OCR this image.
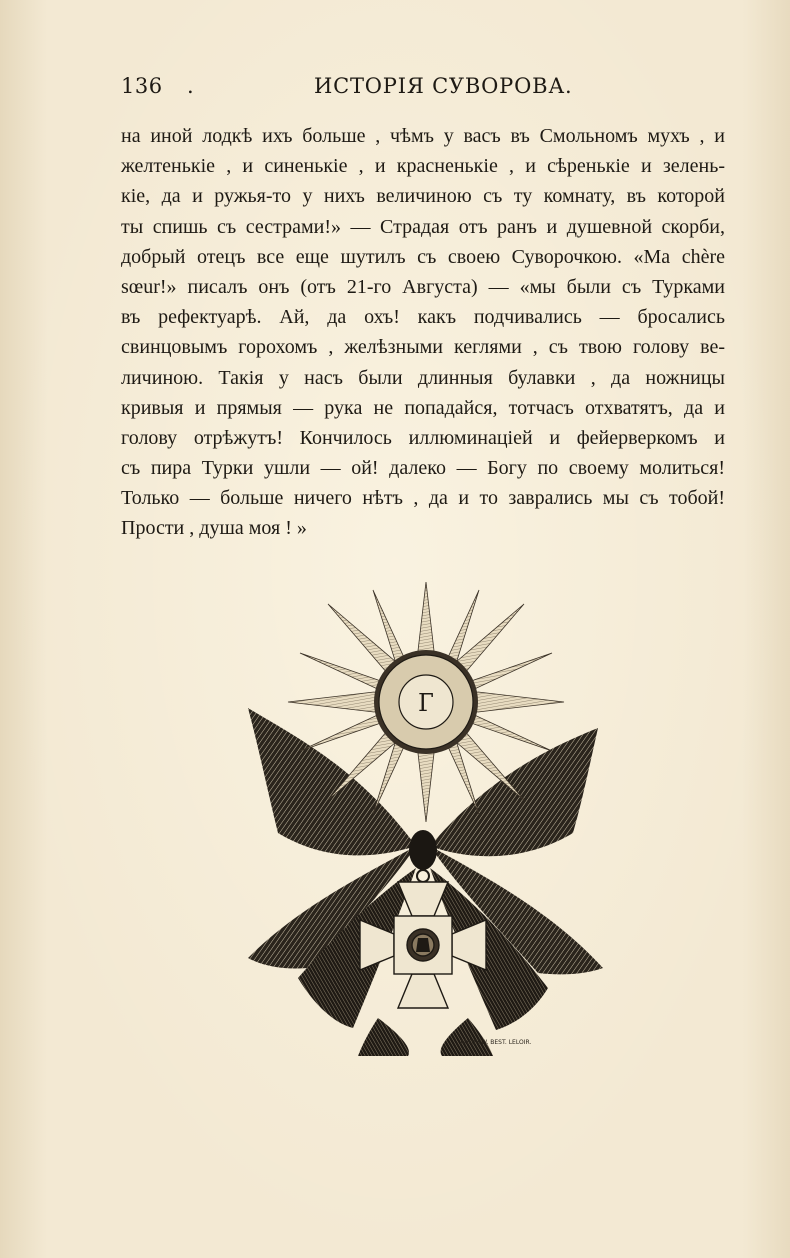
136 .	ИСТОРІЯ СУВОРОВА.
на иной лодкѣ ихъ больше , чѣмъ у васъ въ Смольномъ мухъ , и
желтенькіе , и синенькіе , и красненькіе , и сѣренькіе и зелень-
кіе, да и ружья-то у нихъ величиною съ ту комнату, въ которой
ты спишь съ сестрами!» — Страдая отъ ранъ и душевной скорби,
добрый отецъ все еще шутилъ съ своею Суворочкою. «Ma chère
sœur!» писалъ онъ (отъ 21-го Августа) — «мы были съ Турками
въ рефектуарѣ. Ай, да охъ! какъ подчивались — бросались
свинцовымъ горохомъ , желѣзными кеглями , съ твою голову ве-
личиною. Такія у насъ были длинныя булавки , да ножницы
кривыя и прямыя — рука не попадайся, тотчасъ отхватятъ, да и
голову отрѣжутъ! Кончилось иллюминаціей и фейерверкомъ и
съ пира Турки ушли — ой! далеко — Богу по своему молиться!
Только — больше ничего нѣтъ , да и то заврались мы съ тобой!
Прости , душа моя ! »
Г
ANDREW. BEST. LELOIR.
